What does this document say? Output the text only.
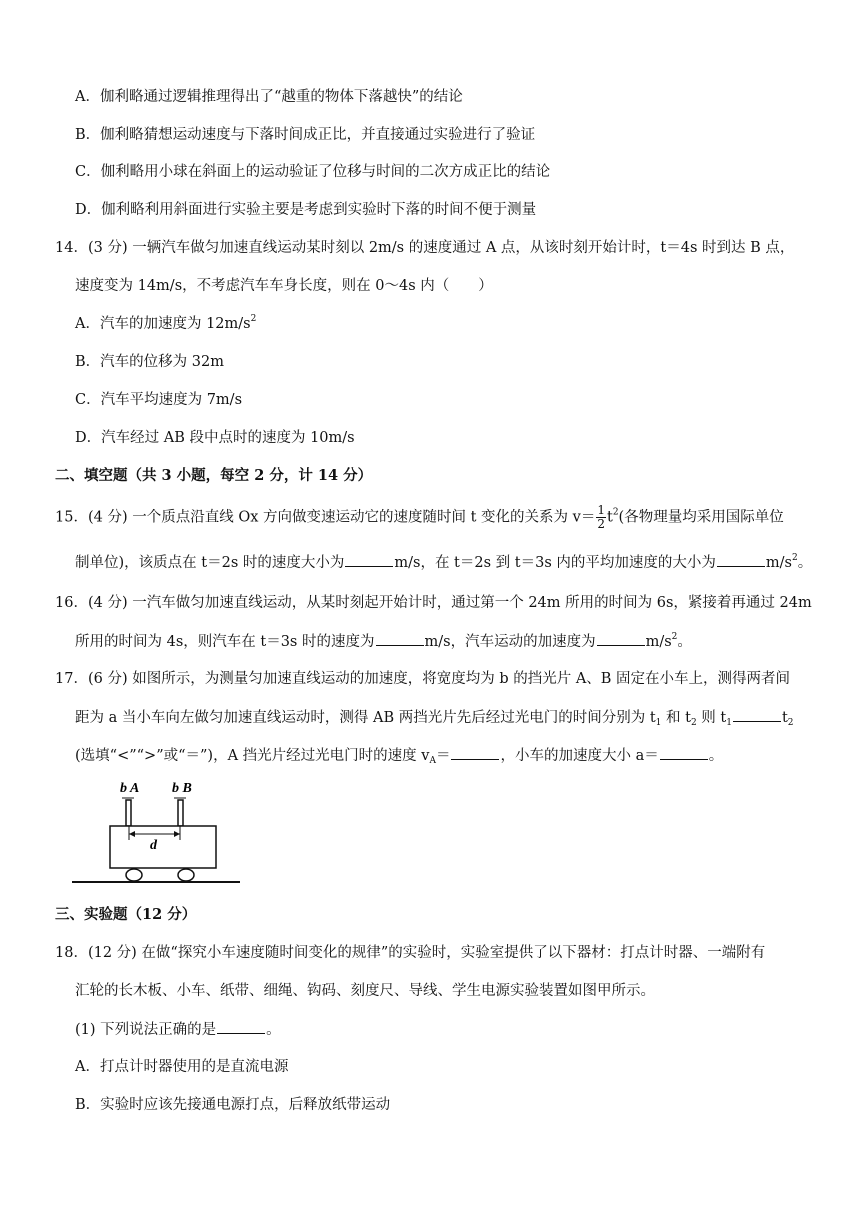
A．伽利略通过逻辑推理得出了“越重的物体下落越快”的结论
B．伽利略猜想运动速度与下落时间成正比，并直接通过实验进行了验证
C．伽利略用小球在斜面上的运动验证了位移与时间的二次方成正比的结论
D．伽利略利用斜面进行实验主要是考虑到实验时下落的时间不便于测量
14．(3 分) 一辆汽车做匀加速直线运动某时刻以 2m/s 的速度通过 A 点，从该时刻开始计时，t＝4s 时到达 B 点，
速度变为 14m/s，不考虑汽车车身长度，则在 0～4s 内（　　）
A．汽车的加速度为 $12m/s^2$
B．汽车的位移为 32m
C．汽车平均速度为 7m/s
D．汽车经过 AB 段中点时的速度为 10m/s
二、填空题（共 3 小题，每空 2 分，计 14 分）
15．(4 分) 一个质点沿直线 Ox 方向做变速运动它的速度随时间 t 变化的关系为 $v= \frac{1}{2} t^2$(各物理量均采用国际单位
制单位)，该质点在 t＝2s 时的速度大小为	m/s，在 t＝2s 到 t＝3s 内的平均加速度的大小为	$m/s^2$。
16．(4 分) 一汽车做匀加速直线运动，从某时刻起开始计时，通过第一个 24m 所用的时间为 6s，紧接着再通过 24m
所用的时间为 4s，则汽车在 t＝3s 时的速度为	m/s，汽车运动的加速度为	$m/s^2$。
17．(6 分) 如图所示，为测量匀加速直线运动的加速度，将宽度均为 b 的挡光片 A、B 固定在小车上，测得两者间
距为 a 当小车向左做匀加速直线运动时，测得 AB 两挡光片先后经过光电门的时间分别为 $t_1$ 和 $t_2$ 则 $t_1$	$t_2$
(选填“<”“>”或“＝”)，A 挡光片经过光电门时的速度 $v_A=$	，小车的加速度大小 a＝	。
b A b B
d
三、实验题（12 分）
18．(12 分) 在做“探究小车速度随时间变化的规律”的实验时，实验室提供了以下器材：打点计时器、一端附有
汇轮的长木板、小车、纸带、细绳、钩码、刻度尺、导线、学生电源实验装置如图甲所示。
(1) 下列说法正确的是	。
A．打点计时器使用的是直流电源
B．实验时应该先接通电源打点，后释放纸带运动
